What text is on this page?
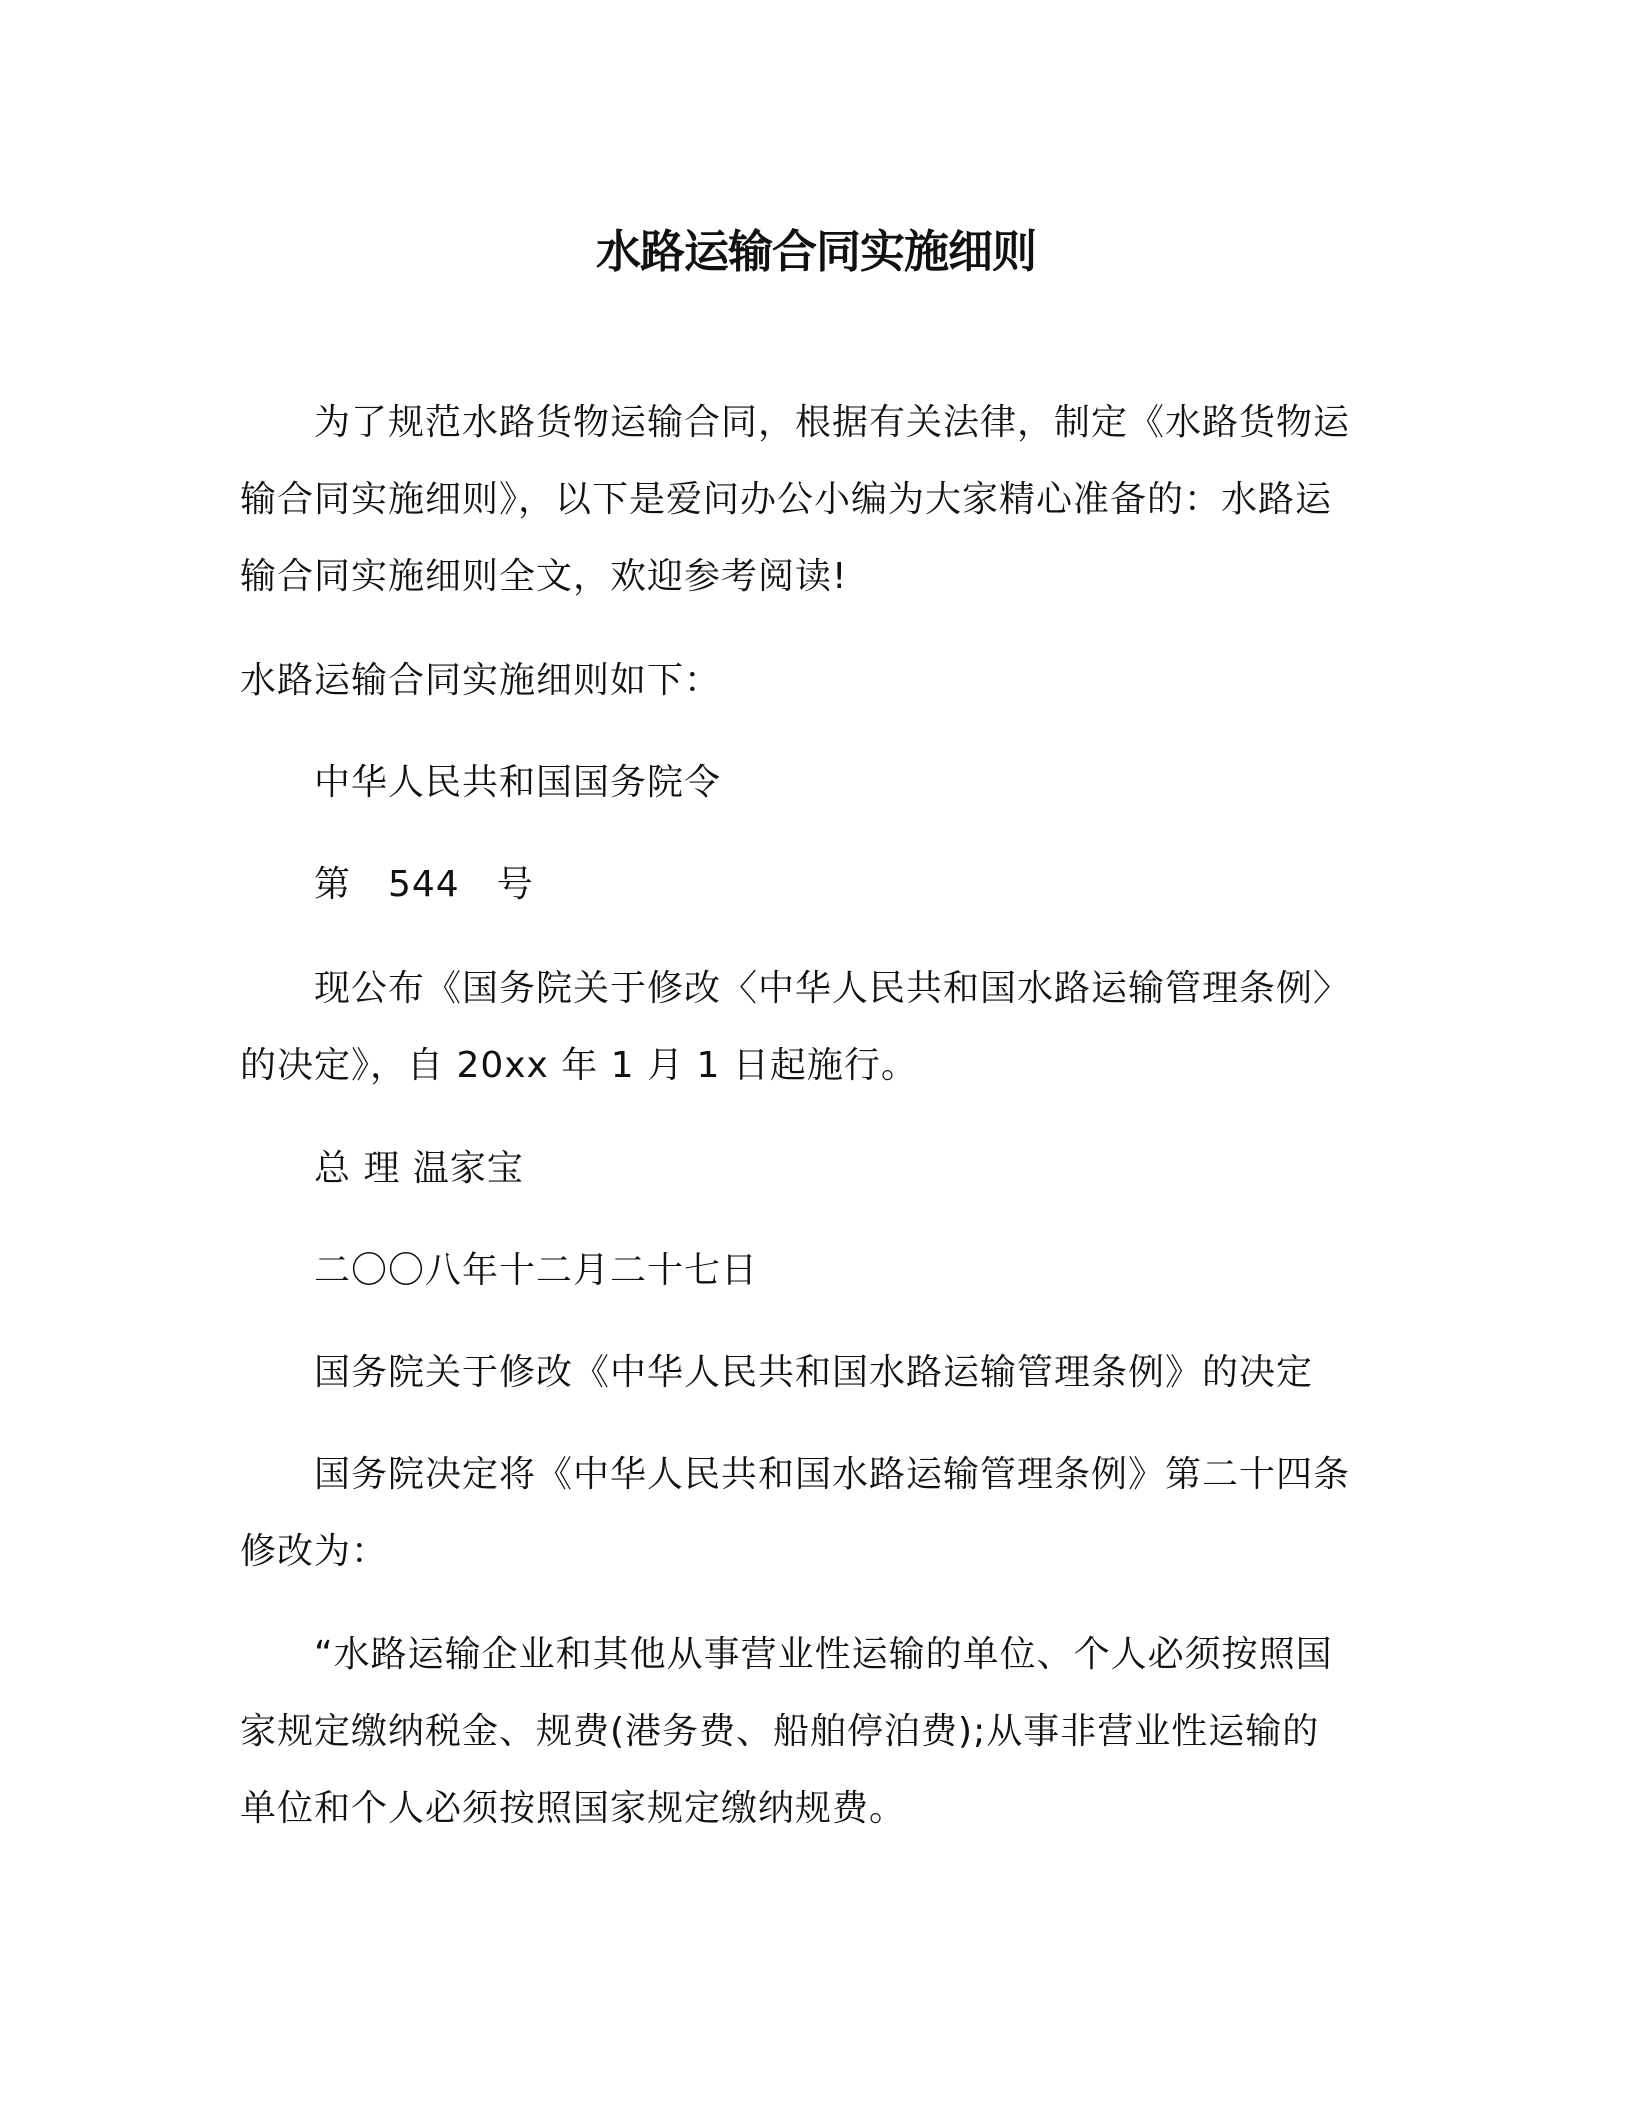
水路运输合同实施细则
为了规范水路货物运输合同，根据有关法律，制定《水路货物运输合同实施细则》，以下是爱问办公小编为大家精心准备的：水路运输合同实施细则全文，欢迎参考阅读!
水路运输合同实施细则如下：
中华人民共和国国务院令
第　544　号
现公布《国务院关于修改〈中华人民共和国水路运输管理条例〉的决定》，自 20xx 年 1 月 1 日起施行。
总 理 温家宝
二〇〇八年十二月二十七日
国务院关于修改《中华人民共和国水路运输管理条例》的决定
国务院决定将《中华人民共和国水路运输管理条例》第二十四条修改为：
“水路运输企业和其他从事营业性运输的单位、个人必须按照国家规定缴纳税金、规费(港务费、船舶停泊费);从事非营业性运输的单位和个人必须按照国家规定缴纳规费。
